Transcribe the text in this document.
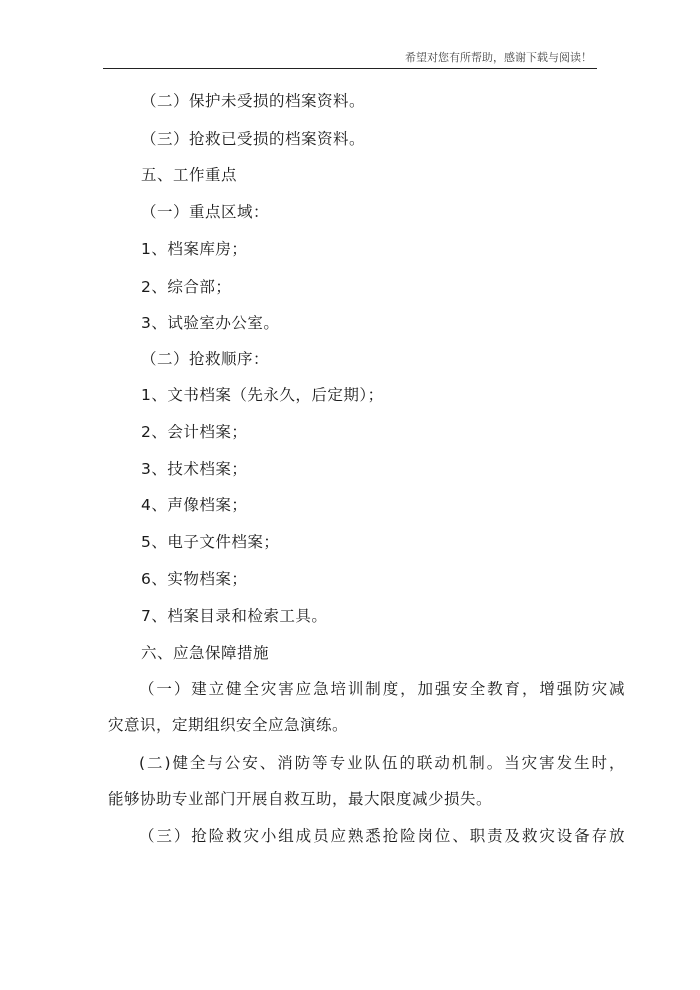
希望对您有所帮助，感谢下载与阅读！
（二）保护未受损的档案资料。
（三）抢救已受损的档案资料。
五、工作重点
（一）重点区域：
1、档案库房；
2、综合部；
3、试验室办公室。
（二）抢救顺序：
1、文书档案（先永久，后定期）；
2、会计档案；
3、技术档案；
4、声像档案；
5、电子文件档案；
6、实物档案；
7、档案目录和检索工具。
六、应急保障措施
（一）建立健全灾害应急培训制度，加强安全教育，增强防灾减
灾意识，定期组织安全应急演练。
(二)健全与公安、消防等专业队伍的联动机制。当灾害发生时，
能够协助专业部门开展自救互助，最大限度减少损失。
（三）抢险救灾小组成员应熟悉抢险岗位、职责及救灾设备存放
